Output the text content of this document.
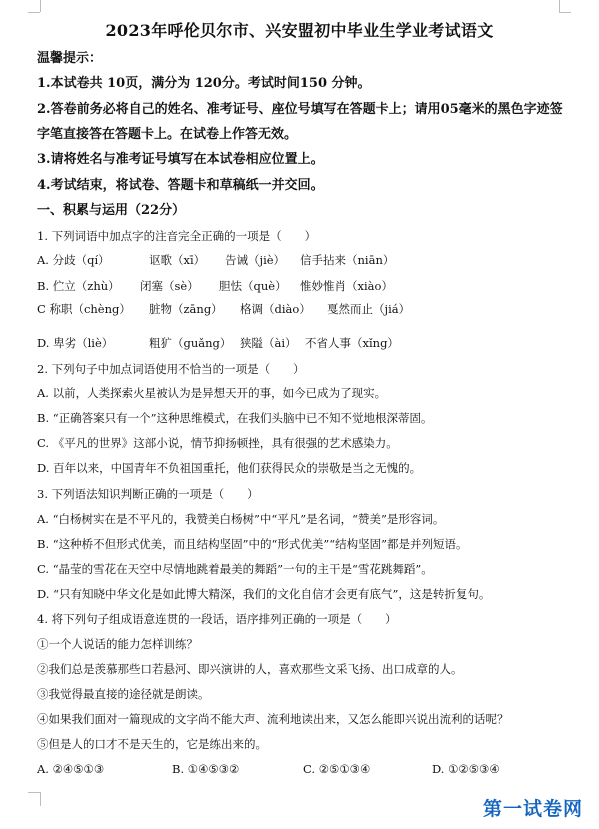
2023年呼伦贝尔市、兴安盟初中毕业生学业考试语文
温馨提示：
1.本试卷共 10页，满分为 120分。考试时间150 分钟。
2.答卷前务必将自己的姓名、准考证号、座位号填写在答题卡上；请用05毫米的黑色字迹签
字笔直接答在答题卡上。在试卷上作答无效。
3.请将姓名与准考证号填写在本试卷相应位置上。
4.考试结束，将试卷、答题卡和草稿纸一并交回。
一、积累与运用（22分）
1. 下列词语中加点字的注音完全正确的一项是（　　）
A. 分歧（qí）	讴歌（xī） 告诫（jiè） 信手拈来（niān）
B. 伫立（zhù） 闭塞（sè） 胆怯（què） 惟妙惟肖（xiào）
C 称职（chèng） 脏物（zāng） 格调（diào） 戛然而止（jiá）
D. 卑劣（liè）	粗犷（guǎng） 狭隘（ài） 不省人事（xǐng）
2. 下列句子中加点词语使用不恰当的一项是（　　）
A. 以前，人类探索火星被认为是异想天开的事，如今已成为了现实。
B. “正确答案只有一个”这种思维模式，在我们头脑中已不知不觉地根深蒂固。
C. 《平凡的世界》这部小说，情节抑扬顿挫，具有很强的艺术感染力。
D. 百年以来，中国青年不负祖国重托，他们获得民众的崇敬是当之无愧的。
3. 下列语法知识判断正确的一项是（　　）
A. “白杨树实在是不平凡的，我赞美白杨树”中“平凡”是名词，“赞美”是形容词。
B. “这种桥不但形式优美，而且结构坚固”中的“形式优美”“结构坚固”都是并列短语。
C. “晶莹的雪花在天空中尽情地跳着最美的舞蹈”一句的主干是“雪花跳舞蹈”。
D. “只有知晓中华文化是如此博大精深，我们的文化自信才会更有底气”，这是转折复句。
4. 将下列句子组成语意连贯的一段话，语序排列正确的一项是（　　）
①一个人说话的能力怎样训练？
②我们总是羡慕那些口若悬河、即兴演讲的人，喜欢那些文采飞扬、出口成章的人。
③我觉得最直接的途径就是朗读。
④如果我们面对一篇现成的文字尚不能大声、流利地读出来，又怎么能即兴说出流利的话呢？
⑤但是人的口才不是天生的，它是练出来的。
A. ②④⑤①③	B. ①④⑤③②	C. ②⑤①③④	D. ①②⑤③④
第一试卷网
